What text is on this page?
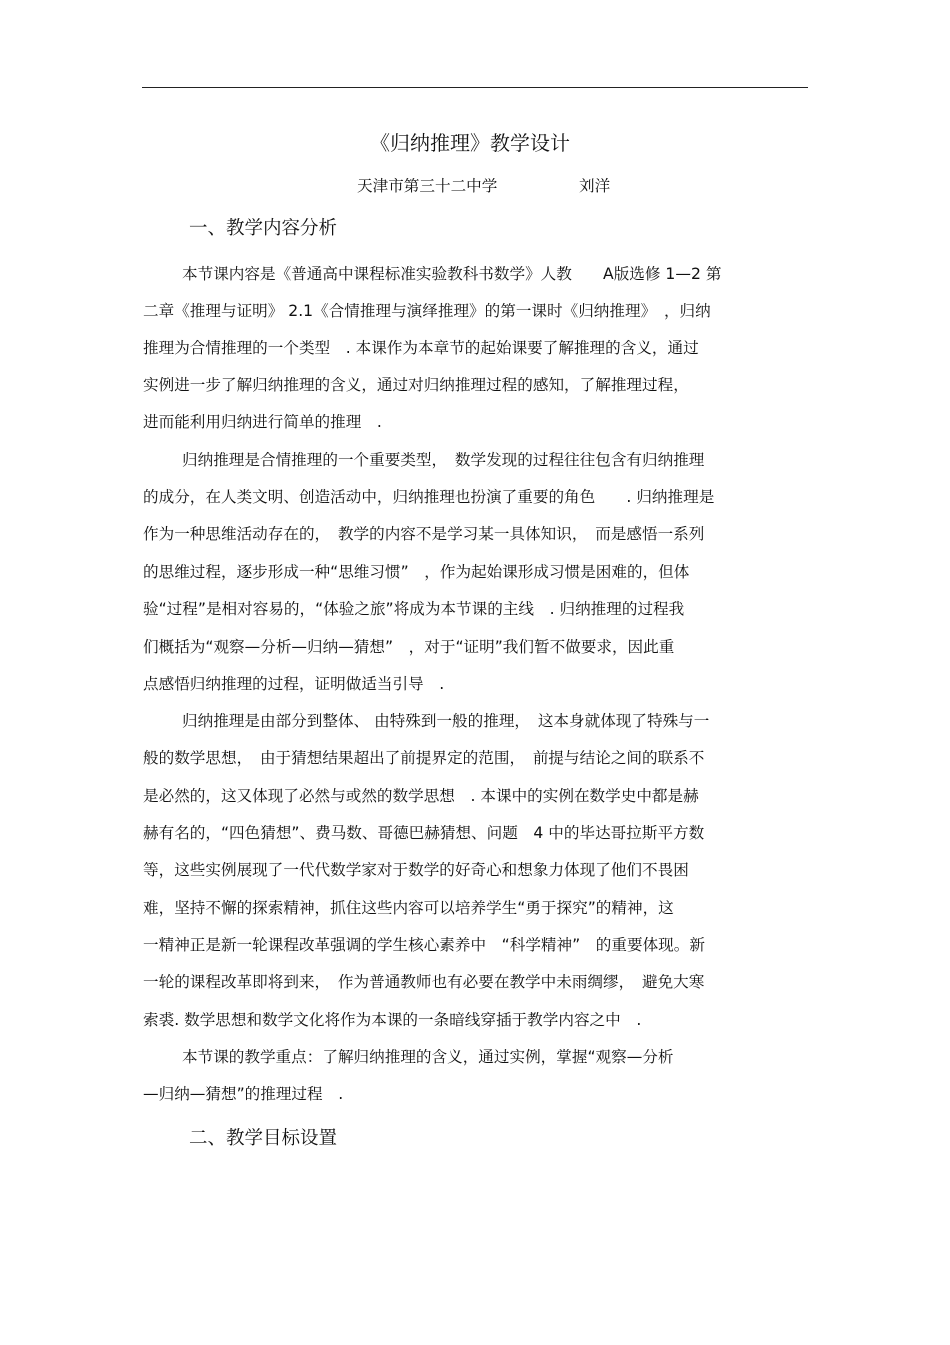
《归纳推理》教学设计
天津市第三十二中学	刘洋
一、教学内容分析
本节课内容是《普通高中课程标准实验教科书数学》人教　　A版选修 1—2 第
二章《推理与证明》 2.1《合情推理与演绎推理》的第一课时《归纳推理》　，归纳
推理为合情推理的一个类型　. 本课作为本章节的起始课要了解推理的含义，通过
实例进一步了解归纳推理的含义，通过对归纳推理过程的感知，了解推理过程，
进而能利用归纳进行简单的推理　.
归纳推理是合情推理的一个重要类型，　数学发现的过程往往包含有归纳推理
的成分，在人类文明、创造活动中，归纳推理也扮演了重要的角色　　. 归纳推理是
作为一种思维活动存在的，　教学的内容不是学习某一具体知识，　而是感悟一系列
的思维过程，逐步形成一种“思维习惯”　，作为起始课形成习惯是困难的，但体
验“过程”是相对容易的，“体验之旅”将成为本节课的主线　. 归纳推理的过程我
们概括为“观察—分析—归纳—猜想”　，对于“证明”我们暂不做要求，因此重
点感悟归纳推理的过程，证明做适当引导　.
归纳推理是由部分到整体、 由特殊到一般的推理，　这本身就体现了特殊与一
般的数学思想，　由于猜想结果超出了前提界定的范围，　前提与结论之间的联系不
是必然的，这又体现了必然与或然的数学思想　. 本课中的实例在数学史中都是赫
赫有名的，“四色猜想”、费马数、哥德巴赫猜想、问题　4 中的毕达哥拉斯平方数
等，这些实例展现了一代代数学家对于数学的好奇心和想象力体现了他们不畏困
难，坚持不懈的探索精神，抓住这些内容可以培养学生“勇于探究”的精神，这
一精神正是新一轮课程改革强调的学生核心素养中　“科学精神”　的重要体现。新
一轮的课程改革即将到来，　作为普通教师也有必要在教学中未雨绸缪，　避免大寒
索裘. 数学思想和数学文化将作为本课的一条暗线穿插于教学内容之中　.
本节课的教学重点：了解归纳推理的含义，通过实例，掌握“观察—分析
—归纳—猜想”的推理过程　.
二、教学目标设置
